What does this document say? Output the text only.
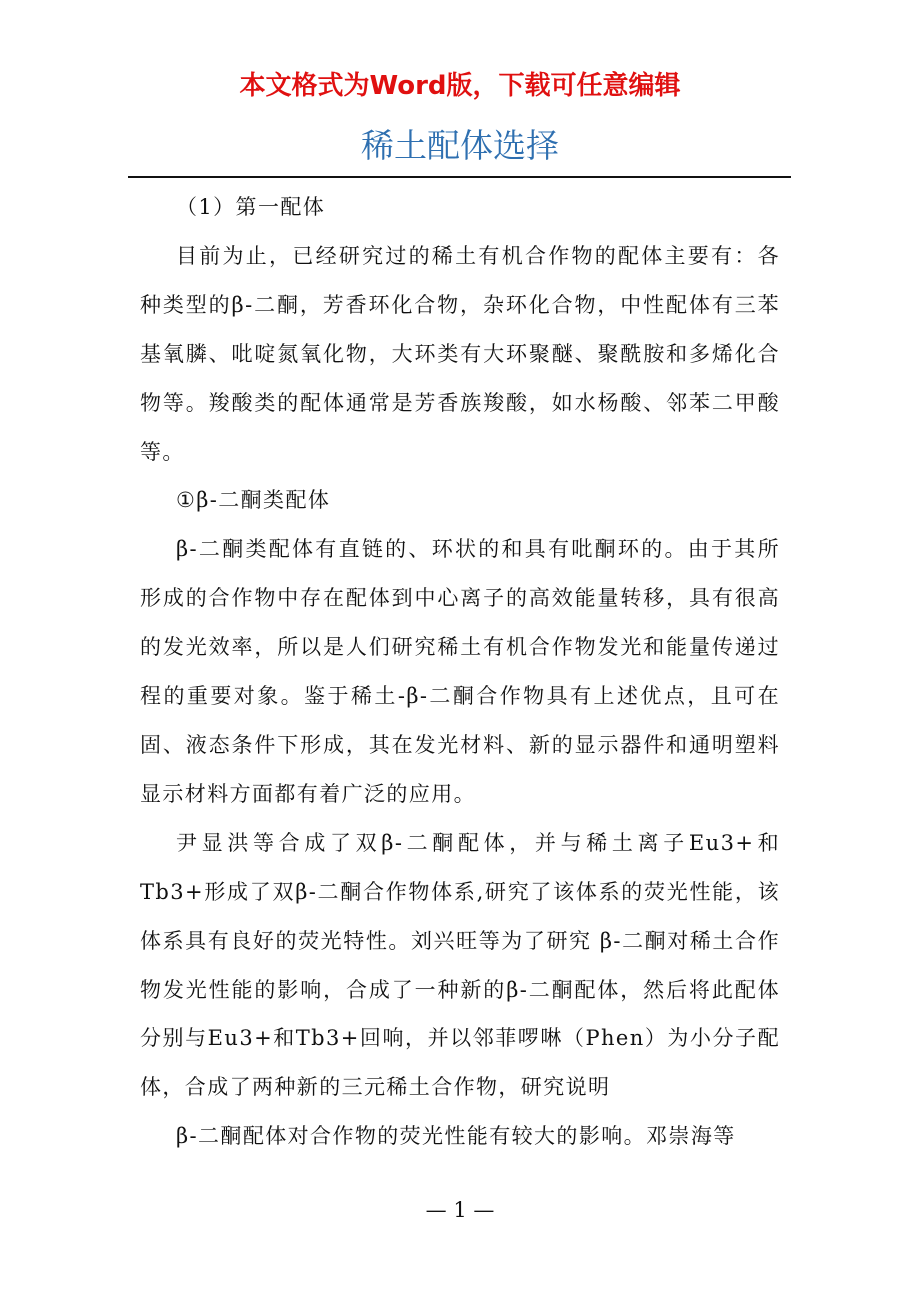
本文格式为Word版，下载可任意编辑
稀土配体选择

（1）第一配体

目前为止，已经研究过的稀土有机合作物的配体主要有：各种类型的β-二酮，芳香环化合物，杂环化合物，中性配体有三苯基氧膦、吡啶氮氧化物，大环类有大环聚醚、聚酰胺和多烯化合物等。羧酸类的配体通常是芳香族羧酸，如水杨酸、邻苯二甲酸等。

①β-二酮类配体

β-二酮类配体有直链的、环状的和具有吡酮环的。由于其所形成的合作物中存在配体到中心离子的高效能量转移，具有很高的发光效率，所以是人们研究稀土有机合作物发光和能量传递过程的重要对象。鉴于稀土-β-二酮合作物具有上述优点，且可在固、液态条件下形成，其在发光材料、新的显示器件和通明塑料显示材料方面都有着广泛的应用。

尹显洪等合成了双β-二酮配体，并与稀土离子Eu3+和Tb3+形成了双β-二酮合作物体系,研究了该体系的荧光性能，该体系具有良好的荧光特性。刘兴旺等为了研究 β-二酮对稀土合作物发光性能的影响，合成了一种新的β-二酮配体，然后将此配体分别与Eu3+和Tb3+回响，并以邻菲啰啉（Phen）为小分子配体，合成了两种新的三元稀土合作物，研究说明

β-二酮配体对合作物的荧光性能有较大的影响。邓崇海等

— 1 —
